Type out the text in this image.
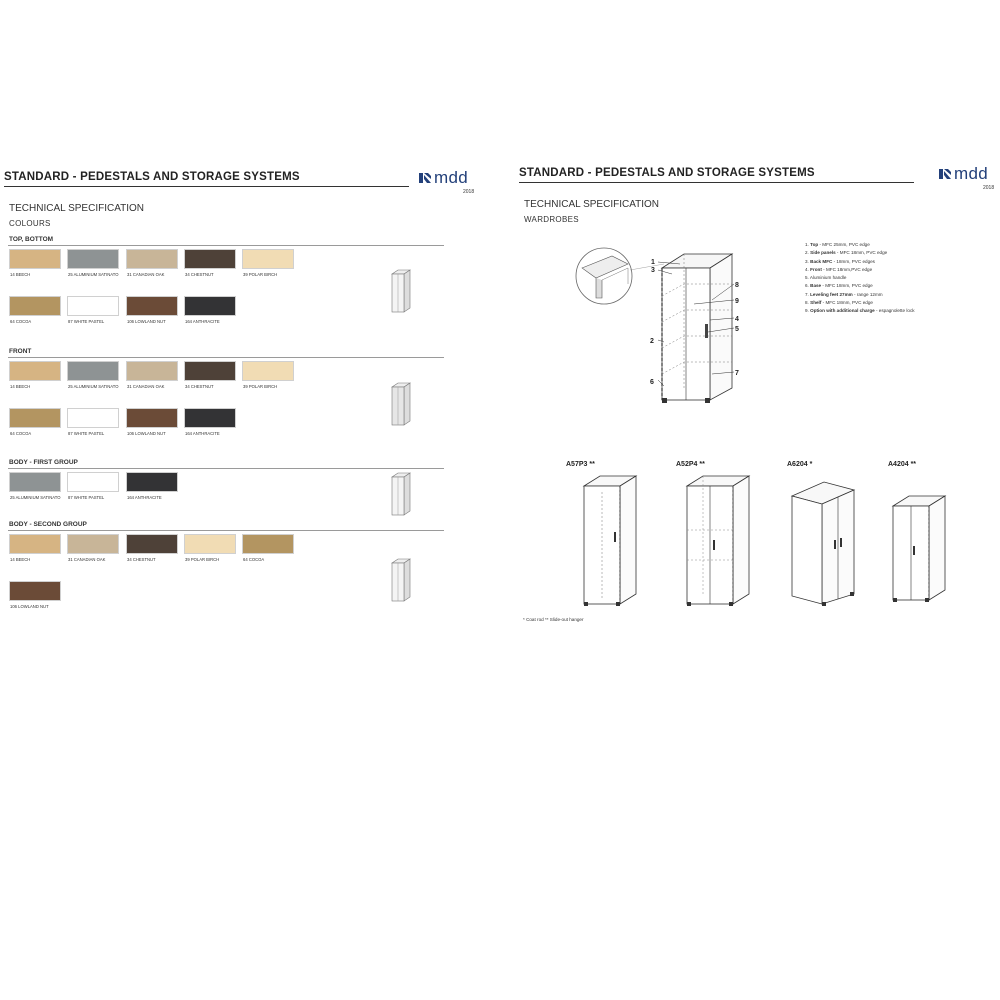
STANDARD - PEDESTALS AND STORAGE SYSTEMS	mdd
2018
TECHNICAL SPECIFICATION
COLOURS
TOP, BOTTOM
14 BEECH	25 ALUMINIUM SATINATO	31 CANADIAN OAK	34 CHESTNUT	39 POLAR BIRCH
64 COCOA	87 WHITE PASTEL	106 LOWLAND NUT	164 ANTHRACITE
FRONT
14 BEECH	25 ALUMINIUM SATINATO	31 CANADIAN OAK	34 CHESTNUT	39 POLAR BIRCH
64 COCOA	87 WHITE PASTEL	106 LOWLAND NUT	164 ANTHRACITE
BODY - FIRST GROUP
25 ALUMINIUM SATINATO	87 WHITE PASTEL	164 ANTHRACITE
BODY - SECOND GROUP
14 BEECH	31 CANADIAN OAK	34 CHESTNUT	39 POLAR BIRCH	64 COCOA
106 LOWLAND NUT
STANDARD - PEDESTALS AND STORAGE SYSTEMS	mdd
2018
TECHNICAL SPECIFICATION
WARDROBES
1
3
8
9
4
5
2
7
6
1. Top - MFC 25mm, PVC edge
2. Side panels - MFC 18mm, PVC edge
3. Back MFC - 18mm, PVC edges
4. Front - MFC 18mm,PVC edge
5. Aluminium handle
6. Base - MFC 18mm, PVC edge
7. Leveling feet 27mm - range 12mm
8. Shelf - MFC 18mm, PVC edge
9. Option with additional charge - espagnolette lock
A57P3 **	A52P4 **	A6204 *	A4204 **
* Coat rod ** Slide-out hanger
